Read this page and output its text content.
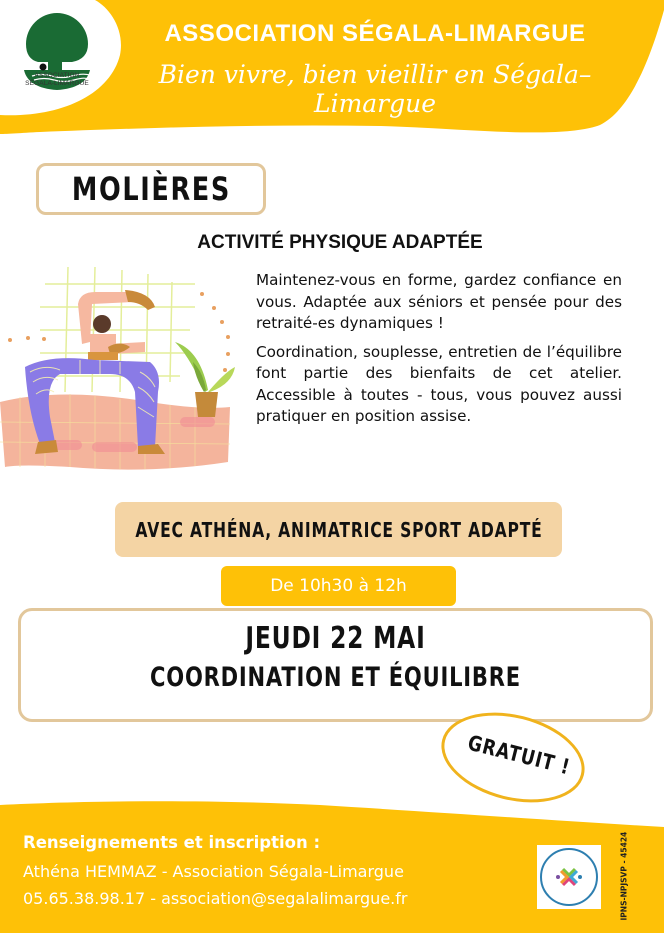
ASSOCIATION
SÉGALA-LIMARGUE
ASSOCIATION SÉGALA-LIMARGUE
Bien vivre, bien vieillir en Ségala–Limargue
MOLIÈRES
ACTIVITÉ PHYSIQUE ADAPTÉE

Maintenez-vous en forme, gardez confiance en vous. Adaptée aux séniors et pensée pour des retraité-es dynamiques !

Coordination, souplesse, entretien de l’équilibre font partie des bienfaits de cet atelier. Accessible à toutes - tous, vous pouvez aussi pratiquer en position assise.

AVEC ATHÉNA, ANIMATRICE SPORT ADAPTÉ
De 10h30 à 12h
JEUDI 22 MAI
COORDINATION ET ÉQUILIBRE
GRATUIT !
Renseignements et inscription :
Athéna HEMMAZ - Association Ségala-Limargue
05.65.38.98.17 - association@segalalimargue.fr	IPNS-NPJSVP - 45424
